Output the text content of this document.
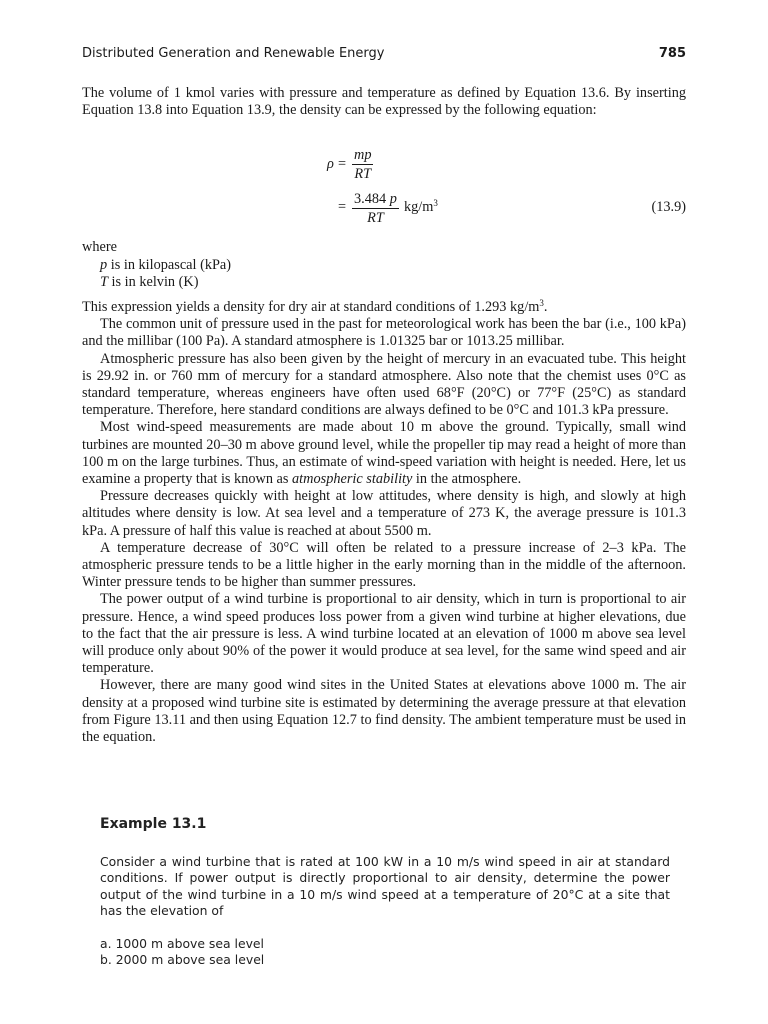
Distributed Generation and Renewable Energy	785

The volume of 1 kmol varies with pressure and temperature as defined by Equation 13.6. By inserting Equation 13.8 into Equation 13.9, the density can be expressed by the following equation:

$\rho = \frac{mp}{RT}$
= $\frac{3.484 p}{RT} kg/m^3$	(13.9)
where
p is in kilopascal (kPa)
T is in kelvin (K)

This expression yields a density for dry air at standard conditions of 1.293 $kg/m^3$.

The common unit of pressure used in the past for meteorological work has been the bar (i.e., 100 kPa) and the millibar (100 Pa). A standard atmosphere is 1.01325 bar or 1013.25 millibar.

Atmospheric pressure has also been given by the height of mercury in an evacuated tube. This height is 29.92 in. or 760 mm of mercury for a standard atmosphere. Also note that the chemist uses 0°C as standard temperature, whereas engineers have often used 68°F (20°C) or 77°F (25°C) as standard temperature. Therefore, here standard conditions are always defined to be 0°C and 101.3 kPa pressure.

Most wind-speed measurements are made about 10 m above the ground. Typically, small wind turbines are mounted 20–30 m above ground level, while the propeller tip may read a height of more than 100 m on the large turbines. Thus, an estimate of wind-speed variation with height is needed. Here, let us examine a property that is known as atmospheric stability in the atmosphere.

Pressure decreases quickly with height at low attitudes, where density is high, and slowly at high altitudes where density is low. At sea level and a temperature of 273 K, the average pressure is 101.3 kPa. A pressure of half this value is reached at about 5500 m.

A temperature decrease of 30°C will often be related to a pressure increase of 2–3 kPa. The atmospheric pressure tends to be a little higher in the early morning than in the middle of the afternoon. Winter pressure tends to be higher than summer pressures.

The power output of a wind turbine is proportional to air density, which in turn is proportional to air pressure. Hence, a wind speed produces loss power from a given wind turbine at higher elevations, due to the fact that the air pressure is less. A wind turbine located at an elevation of 1000 m above sea level will produce only about 90% of the power it would produce at sea level, for the same wind speed and air temperature.

However, there are many good wind sites in the United States at elevations above 1000 m. The air density at a proposed wind turbine site is estimated by determining the average pressure at that elevation from Figure 13.11 and then using Equation 12.7 to find density. The ambient temperature must be used in the equation.

Example 13.1

Consider a wind turbine that is rated at 100 kW in a 10 m/s wind speed in air at standard conditions. If power output is directly proportional to air density, determine the power output of the wind turbine in a 10 m/s wind speed at a temperature of 20°C at a site that has the elevation of

a. 1000 m above sea level
b. 2000 m above sea level
